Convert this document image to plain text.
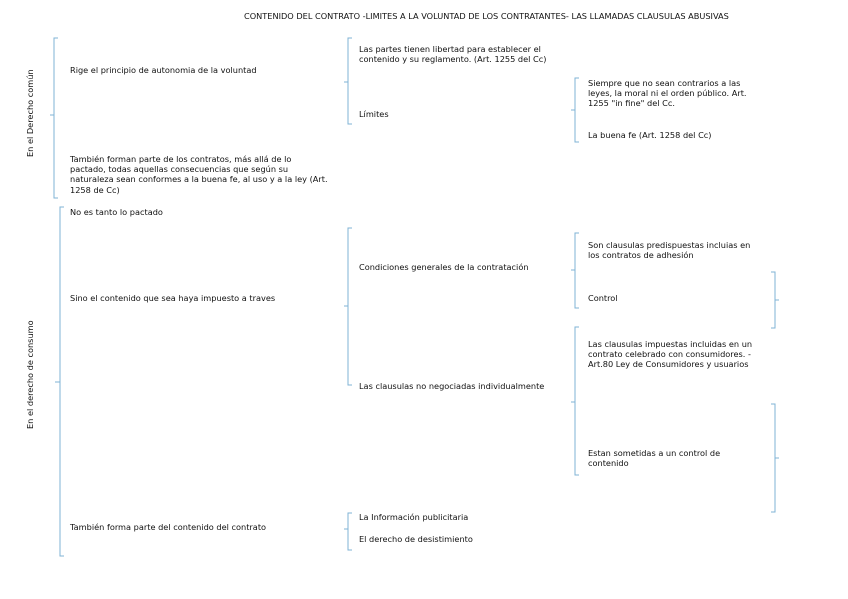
CONTENIDO DEL CONTRATO -LIMITES A LA VOLUNTAD DE LOS CONTRATANTES- LAS LLAMADAS CLAUSULAS ABUSIVAS
En el Derecho común
En el derecho de consumo
Rige el principio de autonomia de la voluntad
También forman parte de los contratos, más allá de lo
pactado, todas aquellas consecuencias que según su
naturaleza sean conformes a la buena fe, al uso y a la ley (Art.
1258 de Cc)
Las partes tienen libertad para establecer el
contenido y su reglamento. (Art. 1255 del Cc)
Límites
Siempre que no sean contrarios a las
leyes, la moral ni el orden público. Art.
1255 "in fine" del Cc.
La buena fe (Art. 1258 del Cc)
No es tanto lo pactado
Sino el contenido que sea haya impuesto a traves
Condiciones generales de la contratación
Son clausulas predispuestas incluias en
los contratos de adhesión
Control
Las clausulas no negociadas individualmente
Las clausulas impuestas incluidas en un
contrato celebrado con consumidores. -
Art.80 Ley de Consumidores y usuarios
Estan sometidas a un control de
contenido
También forma parte del contenido del contrato
La Información publicitaria
El derecho de desistimiento
